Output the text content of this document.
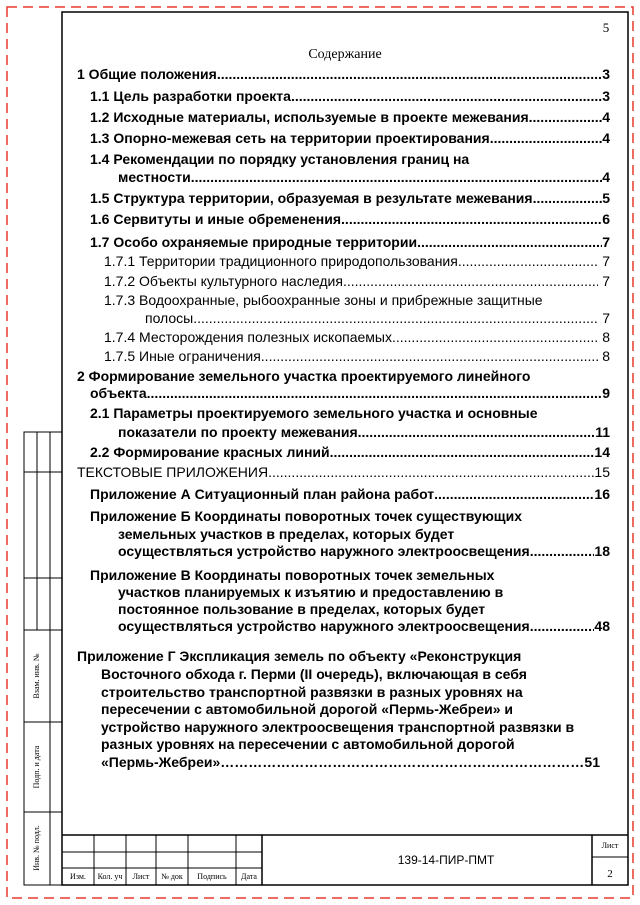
5
Содержание
1 Общие положения .....	3
1.1 Цель разработки проекта .....	3
1.2 Исходные материалы, используемые в проекте межевания .....	4
1.3 Опорно-межевая сеть на территории проектирования .....	4
1.4 Рекомендации по порядку установления границ на
местности .....	4
1.5 Структура территории, образуемая в результате межевания .....	5
1.6 Сервитуты и иные обременения .....	6
1.7 Особо охраняемые природные территории .....	7
1.7.1 Территории традиционного природопользования .....	7
1.7.2 Объекты культурного наследия .....	7
1.7.3 Водоохранные, рыбоохранные зоны и прибрежные защитные
полосы .....	7
1.7.4 Месторождения полезных ископаемых .....	8
1.7.5 Иные ограничения .....	8
2 Формирование земельного участка проектируемого линейного
объекта .....	9
2.1 Параметры проектируемого земельного участка и основные
показатели по проекту межевания .....	11
2.2 Формирование красных линий .....	14
ТЕКСТОВЫЕ ПРИЛОЖЕНИЯ .....	15
Приложение А Ситуационный план района работ .....	16
Приложение Б Координаты поворотных точек существующих
земельных участков в пределах, которых будет
осуществляться устройство наружного электроосвещения .....	18
Приложение В Координаты поворотных точек земельных
участков планируемых к изъятию и предоставлению в
постоянное пользование в пределах, которых будет
осуществляться устройство наружного электроосвещения .....	48
Приложение Г Экспликация земель по объекту «Реконструкция
Восточного обхода г. Перми (II очередь), включающая в себя
строительство транспортной развязки в разных уровнях на
пересечении с автомобильной дорогой «Пермь-Жебреи» и
устройство наружного электроосвещения транспортной развязки в
разных уровнях на пересечении с автомобильной дорогой
«Пермь-Жебреи» ………………………………………………………………………………………………	51
Взам. инв. №
Подп. и дата
Инв. № подл.
Изм.	Кол. уч	Лист	№ док	Подпись	Дата
139-14-ПИР-ПМТ
Лист
2
